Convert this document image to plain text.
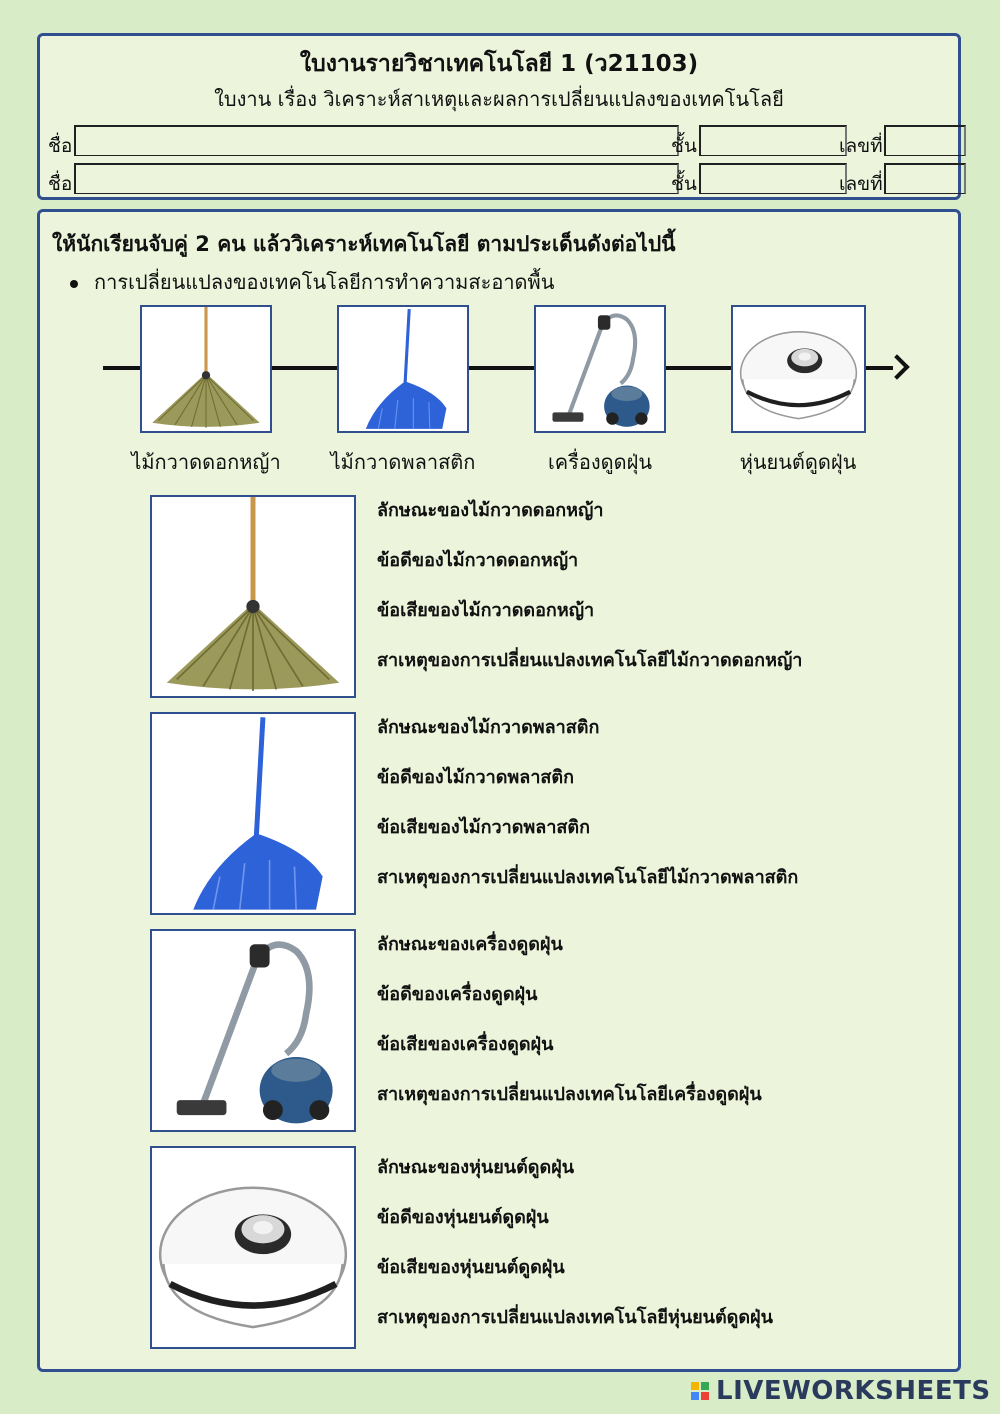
ใบงานรายวิชาเทคโนโลยี 1 (ว21103)
ใบงาน เรื่อง วิเคราะห์สาเหตุและผลการเปลี่ยนแปลงของเทคโนโลยี
ชื่อ	ชั้น	เลขที่
ชื่อ	ชั้น	เลขที่
ให้นักเรียนจับคู่ 2 คน แล้ววิเคราะห์เทคโนโลยี ตามประเด็นดังต่อไปนี้
การเปลี่ยนแปลงของเทคโนโลยีการทำความสะอาดพื้น
ไม้กวาดดอกหญ้า	ไม้กวาดพลาสติก	เครื่องดูดฝุ่น	หุ่นยนต์ดูดฝุ่น
ลักษณะของไม้กวาดดอกหญ้า
ข้อดีของไม้กวาดดอกหญ้า
ข้อเสียของไม้กวาดดอกหญ้า
สาเหตุของการเปลี่ยนแปลงเทคโนโลยีไม้กวาดดอกหญ้า
ลักษณะของไม้กวาดพลาสติก
ข้อดีของไม้กวาดพลาสติก
ข้อเสียของไม้กวาดพลาสติก
สาเหตุของการเปลี่ยนแปลงเทคโนโลยีไม้กวาดพลาสติก
ลักษณะของเครื่องดูดฝุ่น
ข้อดีของเครื่องดูดฝุ่น
ข้อเสียของเครื่องดูดฝุ่น
สาเหตุของการเปลี่ยนแปลงเทคโนโลยีเครื่องดูดฝุ่น
ลักษณะของหุ่นยนต์ดูดฝุ่น
ข้อดีของหุ่นยนต์ดูดฝุ่น
ข้อเสียของหุ่นยนต์ดูดฝุ่น
สาเหตุของการเปลี่ยนแปลงเทคโนโลยีหุ่นยนต์ดูดฝุ่น
LIVEWORKSHEETS
